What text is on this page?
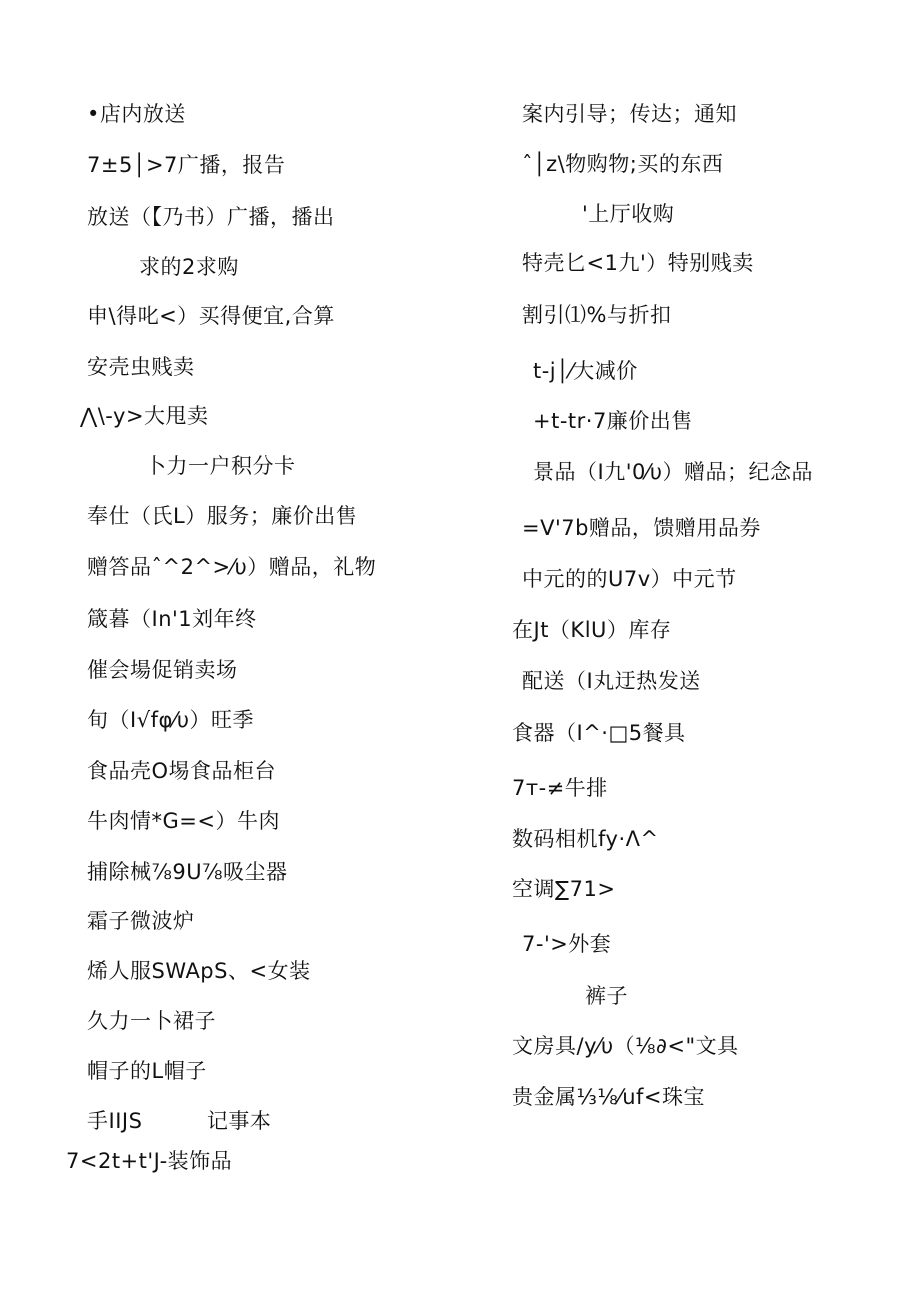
•店内放送
7±5│>7广播，报告
放送（【乃书）广播，播出
求的2求购
申\得叱<）买得便宜,合算
安壳虫贱卖
⋀\-y>大甩卖
卜力一户积分卡
奉仕（氏L）服务；廉价出售
赠答品ˆ^2^>⁄υ）赠品，礼物
箴暮（In'1刘年终
催会場促销卖场
旬（I√fφ⁄υ）旺季
食品壳O埸食品柜台
牛肉情*G=<）牛肉
捕除械⅞9U⅞吸尘器
霜子微波炉
烯人服SWApS、<女装
久力一卜裙子
帽子的L帽子
手IIJS　　　记事本
7<2t+t'J-装饰品
案内引导；传达；通知
ˆ│z\物购物;买的东西
'上厅收购
特壳匕<1九'）特别贱卖
割引⑴%与折扣
t-j│⁄大减价
+t-tr·7廉价出售
景品（I九'0⁄υ）赠品；纪念品
=V'7b赠品，馈赠用品券
中元的的U7v）中元节
在Jt（KlU）库存
配送（I丸迂热发送
食器（I^·□5餐具
7т-≠牛排
数码相机fy·Λ^
空调∑71>
7-'>外套
裤子
文房具/y⁄υ（⅛∂<"文具
贵金属⅓⅛⁄uf<珠宝
